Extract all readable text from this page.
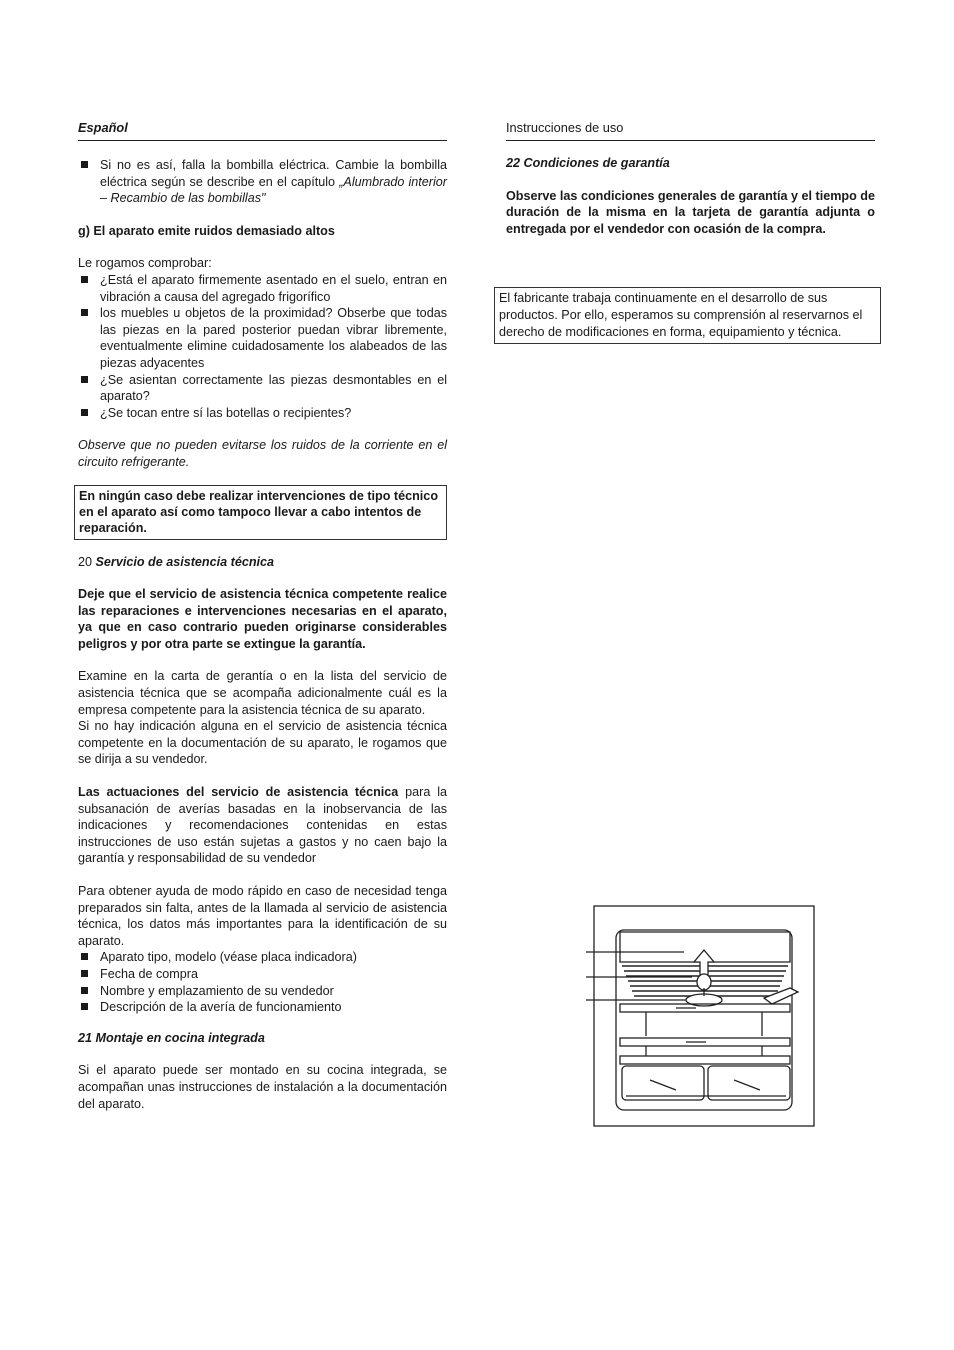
Español
Si no es así, falla la bombilla eléctrica. Cambie la bombilla eléctrica según se describe en el capítulo „Alumbrado interior – Recambio de las bombillas"

g) El aparato emite ruidos demasiado altos

Le rogamos comprobar:

¿Está el aparato firmemente asentado en el suelo, entran en vibración a causa del agregado frigorífico
los muebles u objetos de la proximidad? Obserbe que todas las piezas en la pared posterior puedan vibrar libremente, eventualmente elimine cuidadosamente los alabeados de las piezas adyacentes
¿Se asientan correctamente las piezas desmontables en el aparato?
¿Se tocan entre sí las botellas o recipientes?

Observe que no pueden evitarse los ruidos de la corriente en el circuito refrigerante.

En ningún caso debe realizar intervenciones de tipo técnico en el aparato así como tampoco llevar a cabo intentos de reparación.

20 Servicio de asistencia técnica

Deje que el servicio de asistencia técnica competente realice las reparaciones e intervenciones necesarias en el aparato, ya que en caso contrario pueden originarse considerables peligros y por otra parte se extingue la garantía.

Examine en la carta de gerantía o en la lista del servicio de asistencia técnica que se acompaña adicionalmente cuál es la empresa competente para la asistencia técnica de su aparato.

Si no hay indicación alguna en el servicio de asistencia técnica competente en la documentación de su aparato, le rogamos que se dirija a su vendedor.

Las actuaciones del servicio de asistencia técnica para la subsanación de averías basadas en la inobservancia de las indicaciones y recomendaciones contenidas en estas instrucciones de uso están sujetas a gastos y no caen bajo la garantía y responsabilidad de su vendedor

Para obtener ayuda de modo rápido en caso de necesidad tenga preparados sin falta, antes de la llamada al servicio de asistencia técnica, los datos más importantes para la identificación de su aparato.

Aparato tipo, modelo (véase placa indicadora)
Fecha de compra
Nombre y emplazamiento de su vendedor
Descripción de la avería de funcionamiento

21 Montaje en cocina integrada

Si el aparato puede ser montado en su cocina integrada, se acompañan unas instrucciones de instalación a la documentación del aparato.

Instrucciones de uso

22 Condiciones de garantía

Observe las condiciones generales de garantía y el tiempo de duración de la misma en la tarjeta de garantía adjunta o entregada por el vendedor con ocasión de la compra.

El fabricante trabaja continuamente en el desarrollo de sus productos. Por ello, esperamos su comprensión al reservarnos el derecho de modificaciones en forma, equipamiento y técnica.
